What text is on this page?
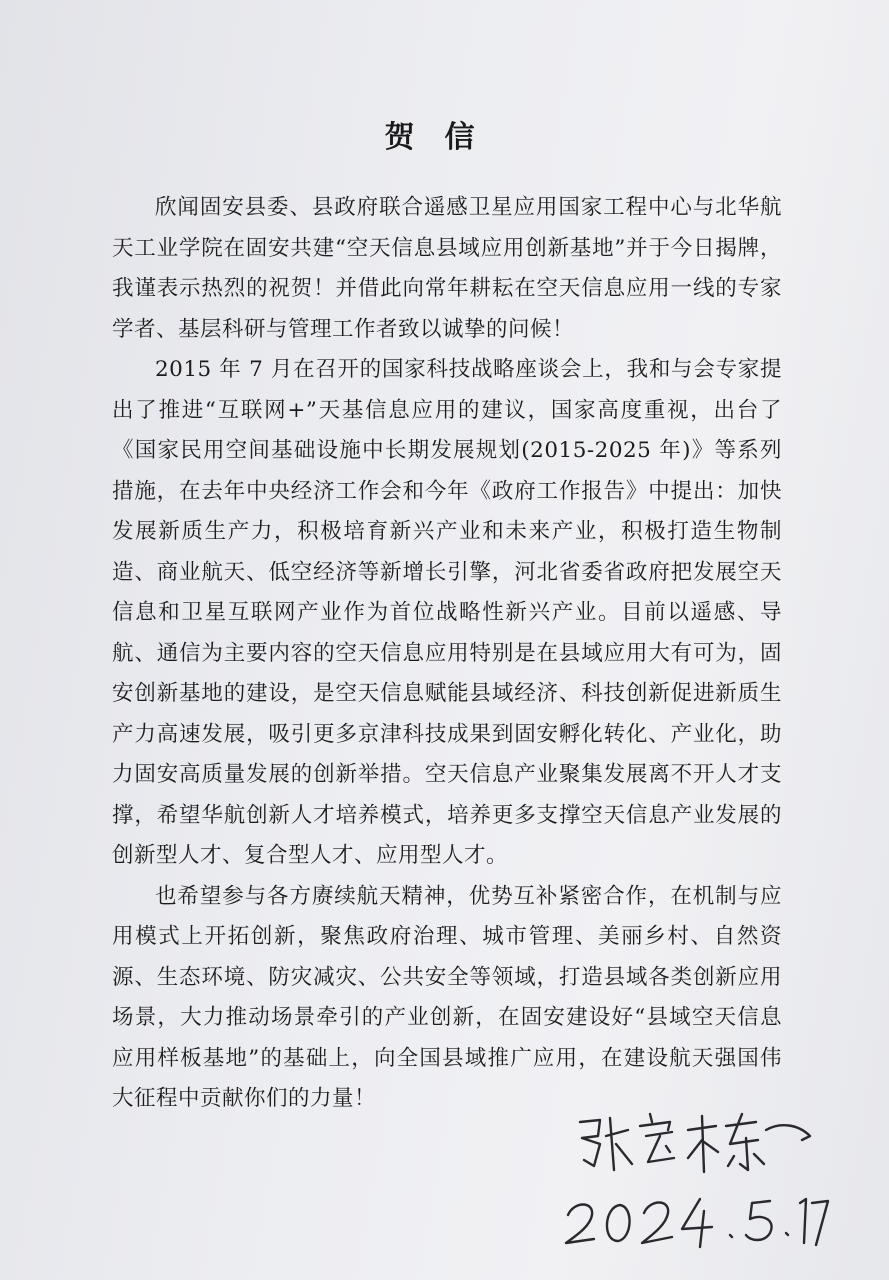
贺信

欣闻固安县委、县政府联合遥感卫星应用国家工程中心与北华航天工业学院在固安共建“空天信息县域应用创新基地”并于今日揭牌，我谨表示热烈的祝贺！并借此向常年耕耘在空天信息应用一线的专家学者、基层科研与管理工作者致以诚挚的问候！

2015 年 7 月在召开的国家科技战略座谈会上，我和与会专家提出了推进“互联网+”天基信息应用的建议，国家高度重视，出台了《国家民用空间基础设施中长期发展规划(2015-2025 年)》等系列措施，在去年中央经济工作会和今年《政府工作报告》中提出：加快发展新质生产力，积极培育新兴产业和未来产业，积极打造生物制造、商业航天、低空经济等新增长引擎，河北省委省政府把发展空天信息和卫星互联网产业作为首位战略性新兴产业。目前以遥感、导航、通信为主要内容的空天信息应用特别是在县域应用大有可为，固安创新基地的建设，是空天信息赋能县域经济、科技创新促进新质生产力高速发展，吸引更多京津科技成果到固安孵化转化、产业化，助力固安高质量发展的创新举措。空天信息产业聚集发展离不开人才支撑，希望华航创新人才培养模式，培养更多支撑空天信息产业发展的创新型人才、复合型人才、应用型人才。

也希望参与各方赓续航天精神，优势互补紧密合作，在机制与应用模式上开拓创新，聚焦政府治理、城市管理、美丽乡村、自然资源、生态环境、防灾减灾、公共安全等领域，打造县域各类创新应用场景，大力推动场景牵引的产业创新，在固安建设好“县域空天信息应用样板基地”的基础上，向全国县域推广应用，在建设航天强国伟大征程中贡献你们的力量！
